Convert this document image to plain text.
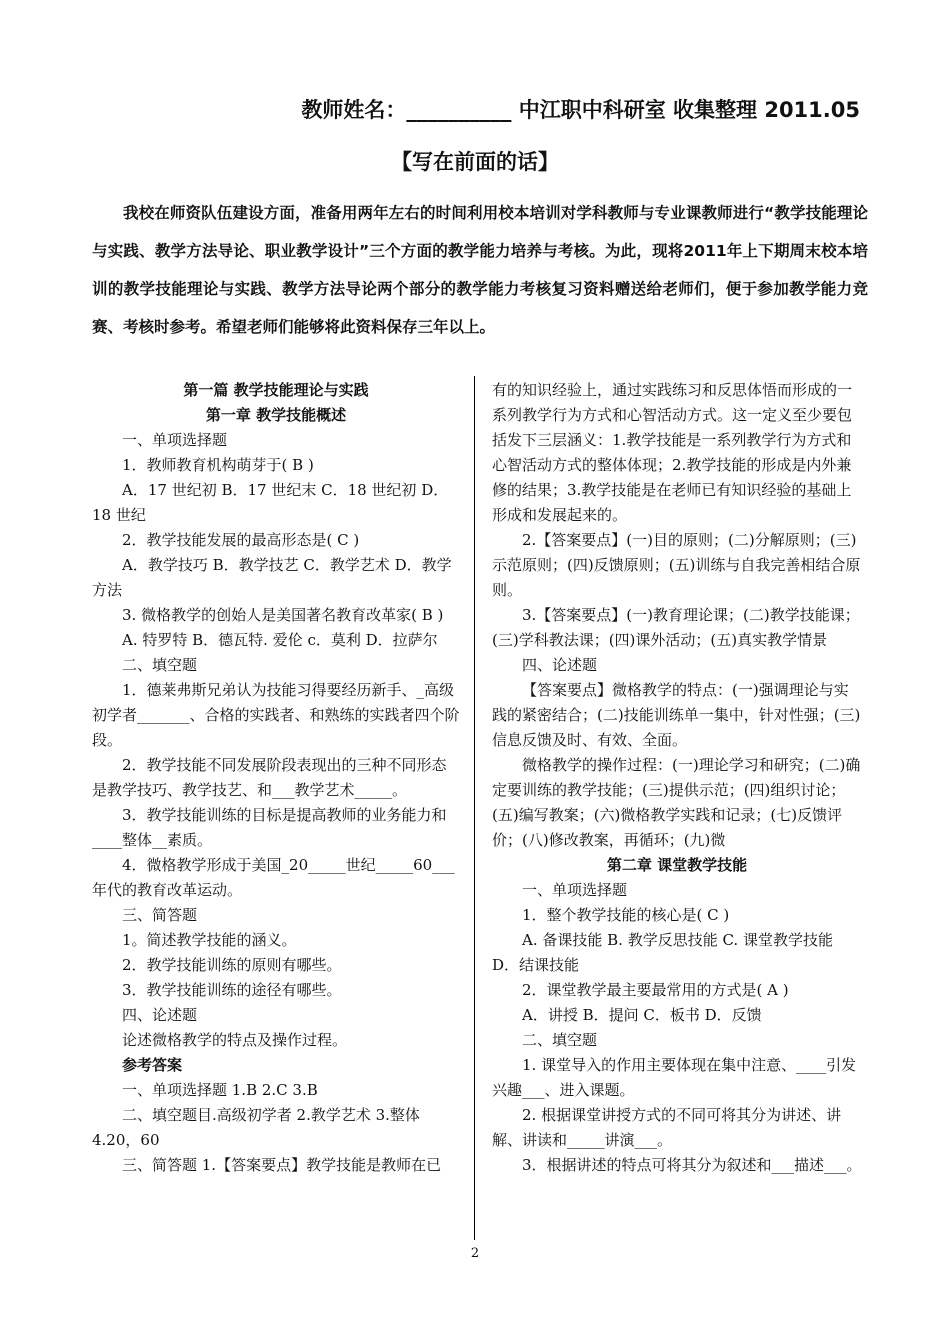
教师姓名：__________ 中江职中科研室 收集整理 2011.05
【写在前面的话】
我校在师资队伍建设方面，准备用两年左右的时间利用校本培训对学科教师与专业课教师进行“教学技能理论与实践、教学方法导论、职业教学设计”三个方面的教学能力培养与考核。为此，现将2011年上下期周末校本培训的教学技能理论与实践、教学方法导论两个部分的教学能力考核复习资料赠送给老师们，便于参加教学能力竞赛、考核时参考。希望老师们能够将此资料保存三年以上。

第一篇 教学技能理论与实践

第一章 教学技能概述

一、单项选择题

1．教师教育机构萌芽于( B )

A．17 世纪初 B．17 世纪末 C．18 世纪初 D．18 世纪

2．教学技能发展的最高形态是( C )

A．教学技巧 B．教学技艺 C．教学艺术 D．教学方法

3. 微格教学的创始人是美国著名教育改革家( B )

A. 特罗特 B．德瓦特. 爱伦 c．莫利 D．拉萨尔

二、填空题

1．德莱弗斯兄弟认为技能习得要经历新手、_高级初学者_______、合格的实践者、和熟练的实践者四个阶段。

2．教学技能不同发展阶段表现出的三种不同形态是教学技巧、教学技艺、和___教学艺术_____。

3．教学技能训练的目标是提高教师的业务能力和____整体__素质。

4．微格教学形成于美国_20_____世纪_____60___年代的教育改革运动。

三、简答题

1。简述教学技能的涵义。

2．教学技能训练的原则有哪些。

3．教学技能训练的途径有哪些。

四、论述题

论述微格教学的特点及操作过程。

参考答案

一、单项选择题 1.B 2.C 3.B

二、填空题目.高级初学者 2.教学艺术 3.整体 4.20，60

三、简答题 1.【答案要点】教学技能是教师在已

有的知识经验上，通过实践练习和反思体悟而形成的一系列教学行为方式和心智活动方式。这一定义至少要包括发下三层涵义：1.教学技能是一系列教学行为方式和心智活动方式的整体体现；2.教学技能的形成是内外兼修的结果；3.教学技能是在老师已有知识经验的基础上形成和发展起来的。

2.【答案要点】(一)目的原则；(二)分解原则；(三)示范原则；(四)反馈原则；(五)训练与自我完善相结合原则。

3.【答案要点】(一)教育理论课；(二)教学技能课；(三)学科教法课；(四)课外活动；(五)真实教学情景

四、论述题

【答案要点】微格教学的特点：(一)强调理论与实践的紧密结合；(二)技能训练单一集中，针对性强；(三)信息反馈及时、有效、全面。

微格教学的操作过程：(一)理论学习和研究；(二)确定要训练的教学技能；(三)提供示范；(四)组织讨论；(五)编写教案；(六)微格教学实践和记录；(七)反馈评价；(八)修改教案，再循环；(九)微

第二章 课堂教学技能

一、单项选择题

1．整个教学技能的核心是( C )

A. 备课技能 B. 教学反思技能 C. 课堂教学技能 D．结课技能

2．课堂教学最主要最常用的方式是( A )

A．讲授 B．提问 C．板书 D．反馈

二、填空题

1. 课堂导入的作用主要体现在集中注意、____引发兴趣___、进入课题。

2. 根据课堂讲授方式的不同可将其分为讲述、讲解、讲读和_____讲演___。

3．根据讲述的特点可将其分为叙述和___描述___。

2
